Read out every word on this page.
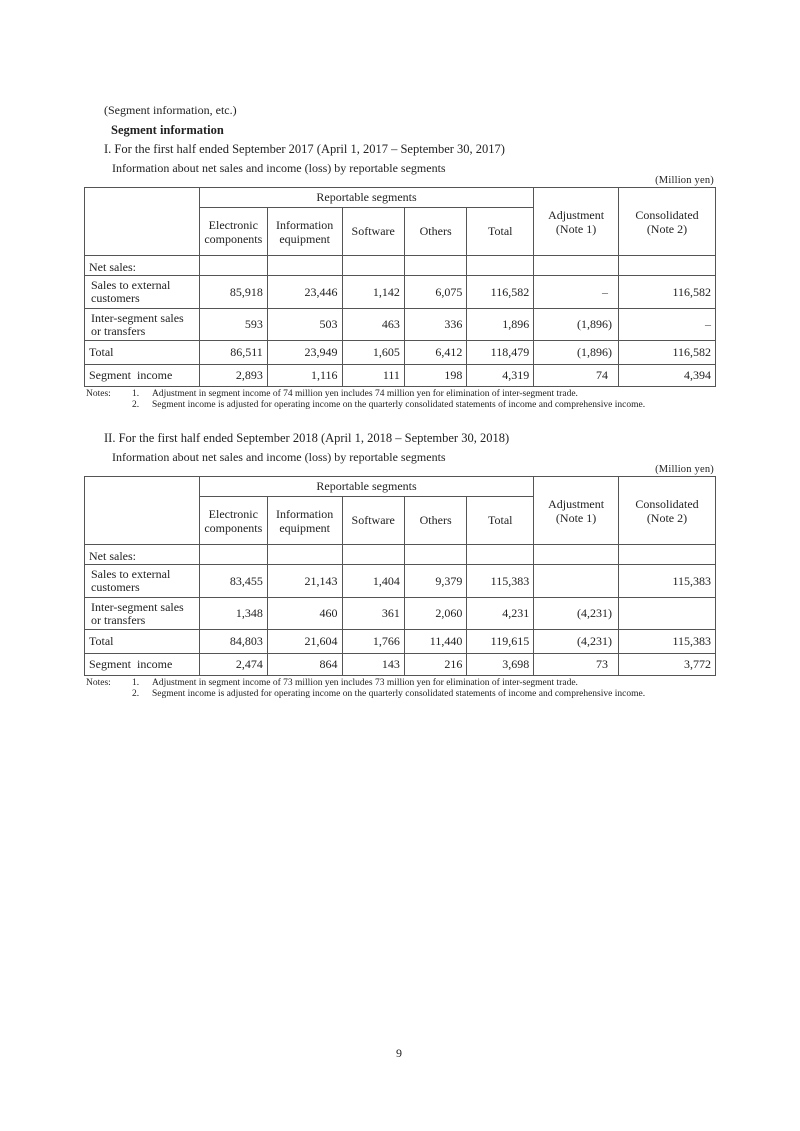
(Segment information, etc.)
Segment information
I. For the first half ended September 2017 (April 1, 2017 – September 30, 2017)
Information about net sales and income (loss) by reportable segments
(Million yen)
	Reportable segments					Adjustment
(Note 1)	Consolidated
(Note 2)
	Electronic
components	Information
equipment	Software	Others	Total		
Net sales:							

Sales to external
customers	85,918	23,446	1,142	6,075	116,582	–	116,582

Inter-segment sales
or transfers	593	503	463	336	1,896	(1,896)	–
Total	86,511	23,949	1,605	6,412	118,479	(1,896)	116,582
Segment  income	2,893	1,116	111	198	4,319	74	4,394
Notes:	1.	Adjustment in segment income of 74 million yen includes 74 million yen for elimination of inter-segment trade.
2.	Segment income is adjusted for operating income on the quarterly consolidated statements of income and comprehensive income.
II. For the first half ended September 2018 (April 1, 2018 – September 30, 2018)
Information about net sales and income (loss) by reportable segments
(Million yen)
	Reportable segments					Adjustment
(Note 1)	Consolidated
(Note 2)
	Electronic
components	Information
equipment	Software	Others	Total		
Net sales:							

Sales to external
customers	83,455	21,143	1,404	9,379	115,383		115,383

Inter-segment sales
or transfers	1,348	460	361	2,060	4,231	(4,231)	
Total	84,803	21,604	1,766	11,440	119,615	(4,231)	115,383
Segment  income	2,474	864	143	216	3,698	73	3,772
Notes:	1.	Adjustment in segment income of 73 million yen includes 73 million yen for elimination of inter-segment trade.
2.	Segment income is adjusted for operating income on the quarterly consolidated statements of income and comprehensive income.
9
